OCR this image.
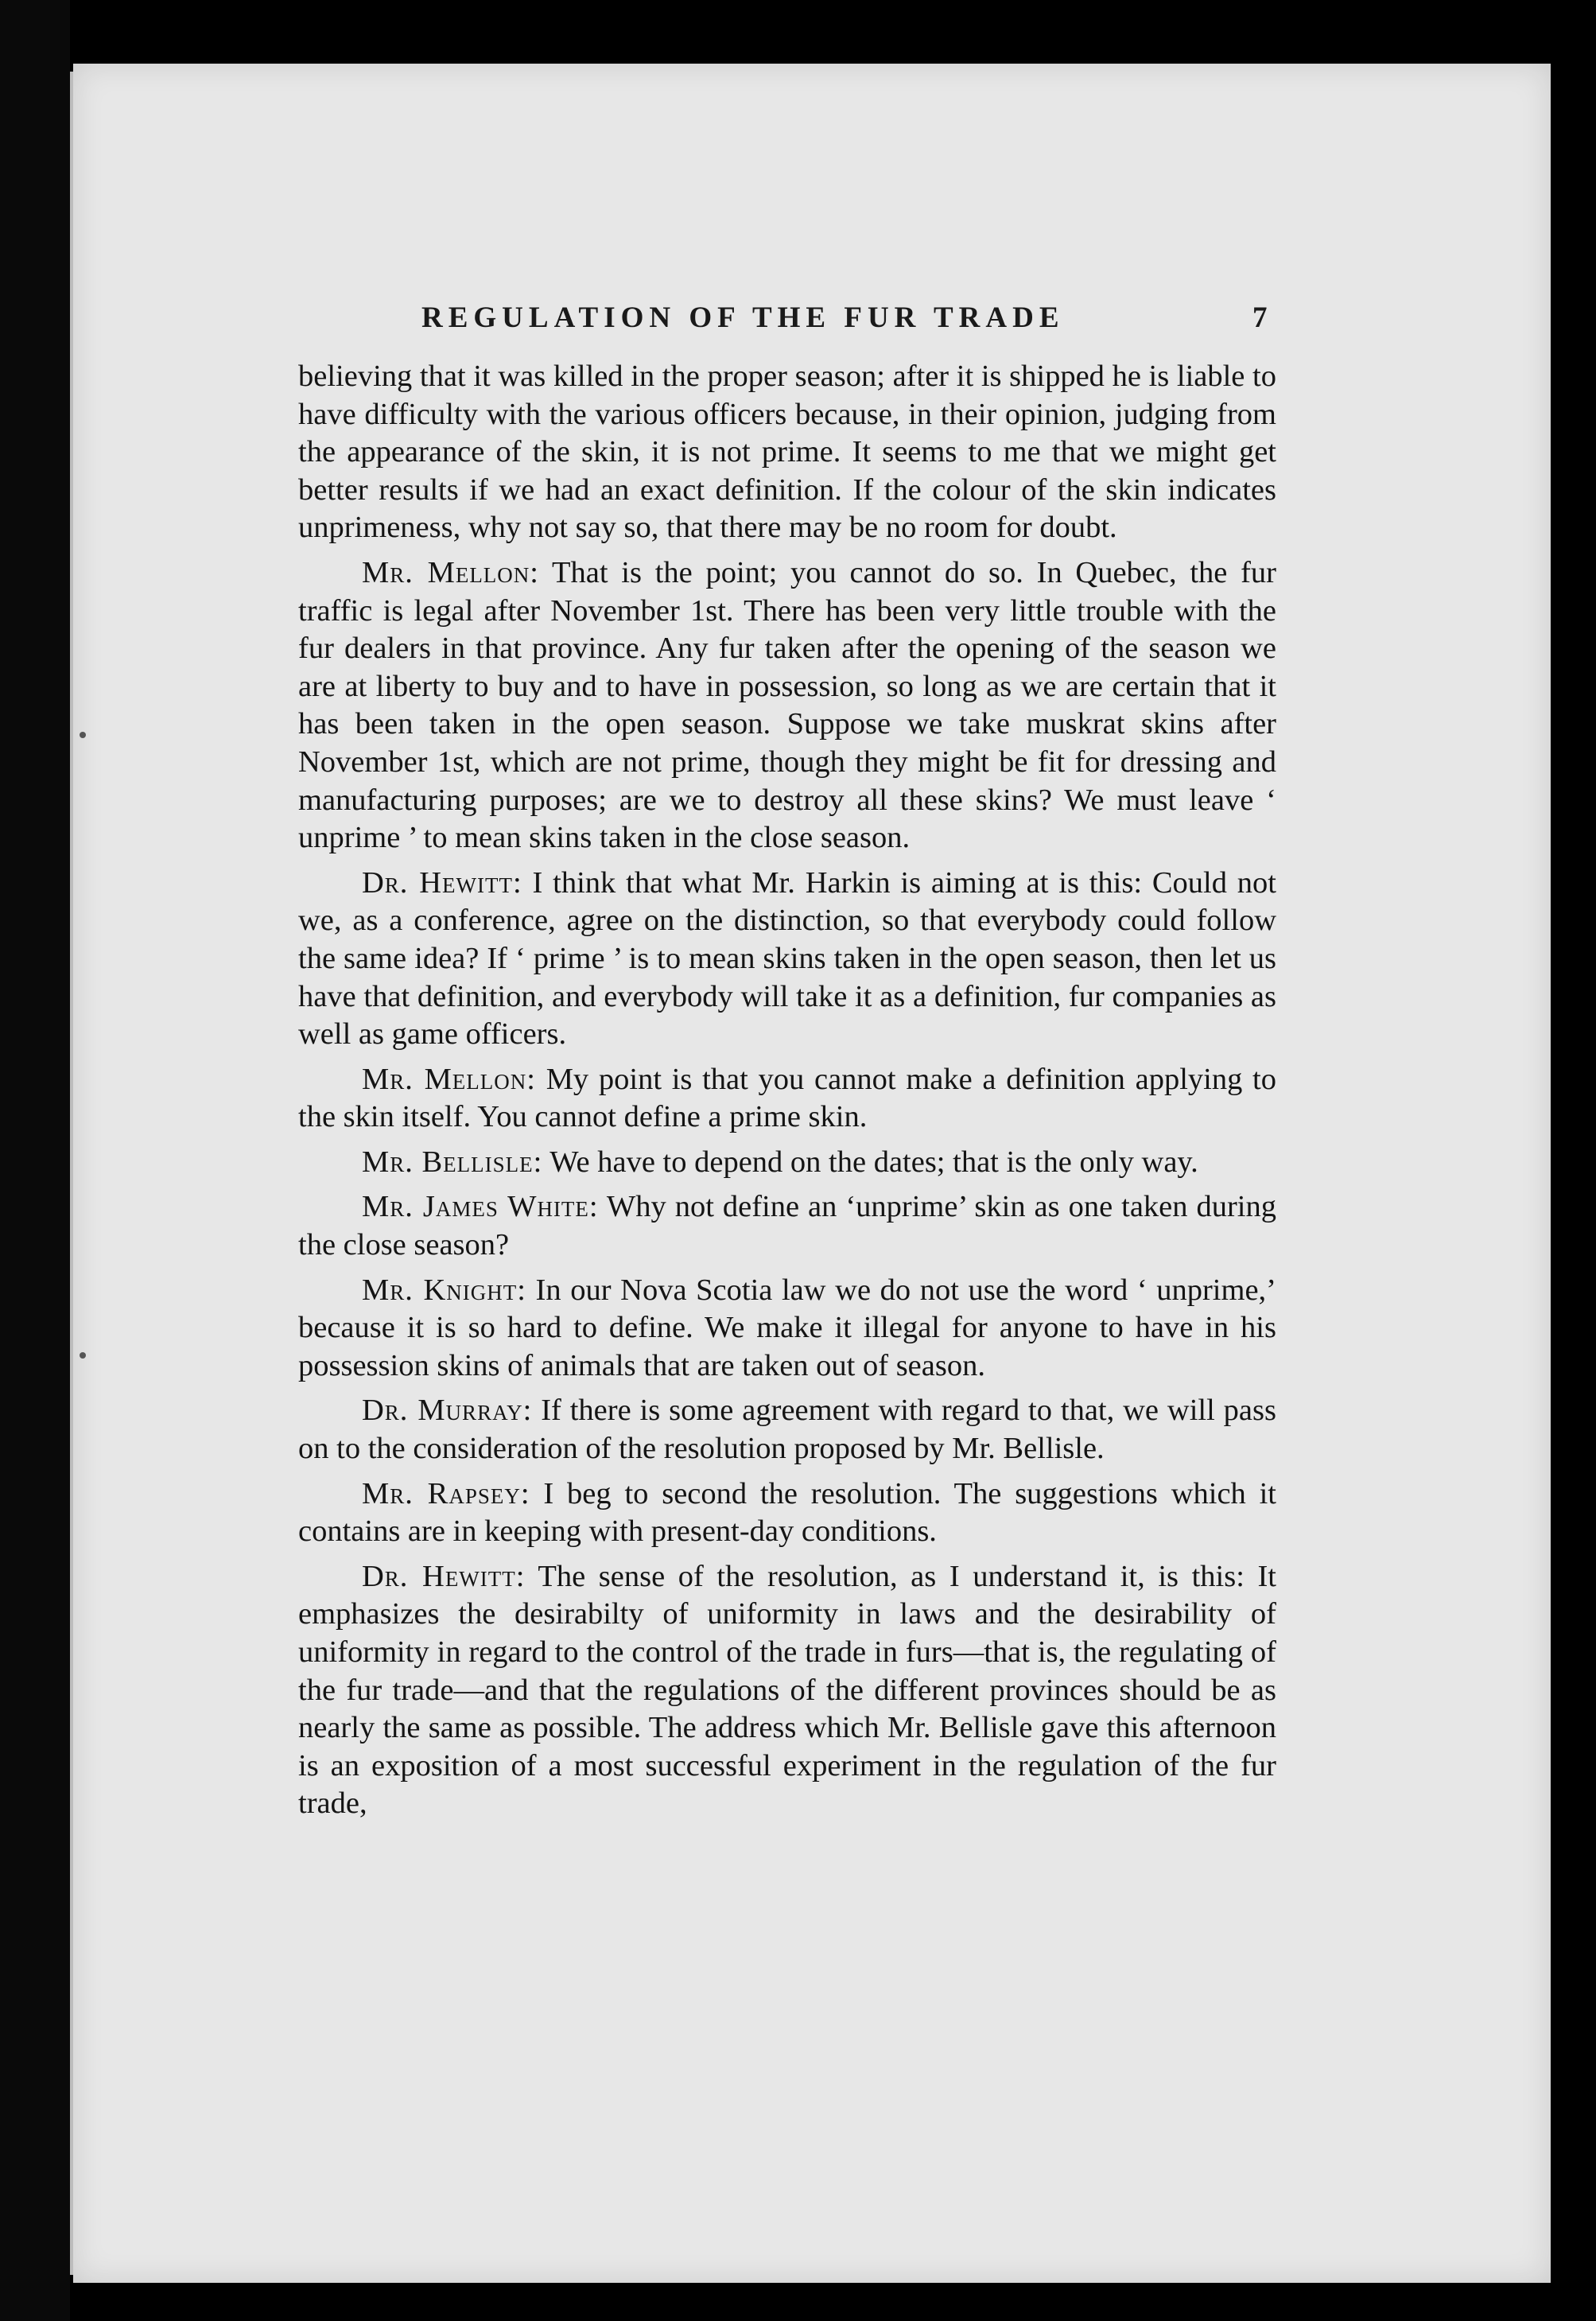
REGULATION OF THE FUR TRADE	7

believing that it was killed in the proper season; after it is shipped he is liable to have difficulty with the various officers because, in their opinion, judging from the appearance of the skin, it is not prime. It seems to me that we might get better results if we had an exact definition. If the colour of the skin indicates unprimeness, why not say so, that there may be no room for doubt.

Mr. Mellon: That is the point; you cannot do so. In Quebec, the fur traffic is legal after November 1st. There has been very little trouble with the fur dealers in that province. Any fur taken after the opening of the season we are at liberty to buy and to have in possession, so long as we are certain that it has been taken in the open season. Suppose we take muskrat skins after November 1st, which are not prime, though they might be fit for dressing and manufacturing purposes; are we to destroy all these skins? We must leave ‘ unprime ’ to mean skins taken in the close season.

Dr. Hewitt: I think that what Mr. Harkin is aiming at is this: Could not we, as a conference, agree on the distinction, so that everybody could follow the same idea? If ‘ prime ’ is to mean skins taken in the open season, then let us have that definition, and everybody will take it as a definition, fur companies as well as game officers.

Mr. Mellon: My point is that you cannot make a definition applying to the skin itself. You cannot define a prime skin.

Mr. Bellisle: We have to depend on the dates; that is the only way.

Mr. James White: Why not define an ‘unprime’ skin as one taken during the close season?

Mr. Knight: In our Nova Scotia law we do not use the word ‘ unprime,’ because it is so hard to define. We make it illegal for anyone to have in his possession skins of animals that are taken out of season.

Dr. Murray: If there is some agreement with regard to that, we will pass on to the consideration of the resolution proposed by Mr. Bellisle.

Mr. Rapsey: I beg to second the resolution. The suggestions which it contains are in keeping with present-day conditions.

Dr. Hewitt: The sense of the resolution, as I understand it, is this: It emphasizes the desirabilty of uniformity in laws and the desirability of uniformity in regard to the control of the trade in furs—that is, the regulating of the fur trade—and that the regulations of the different provinces should be as nearly the same as possible. The address which Mr. Bellisle gave this afternoon is an exposition of a most successful experiment in the regulation of the fur trade,
